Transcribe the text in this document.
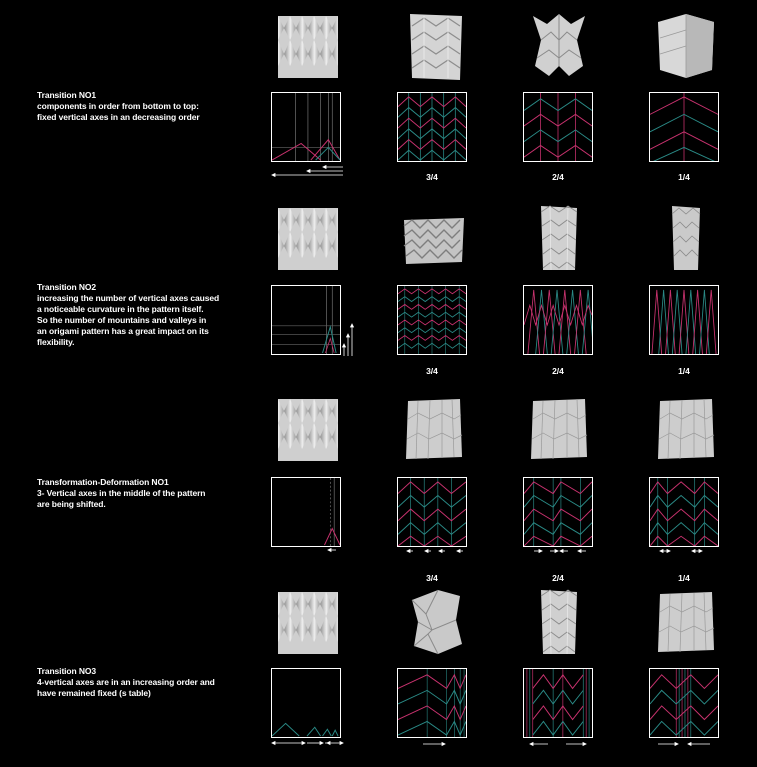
Transition NO1
components in order from bottom to top:
fixed vertical axes in an decreasing order
3/4	2/4	1/4
Transition NO2
increasing the number of vertical axes caused
a noticeable curvature in the pattern itself.
So the number of mountains and valleys in
an origami pattern has a great impact on its
flexibility.
3/4	2/4	1/4
Transformation-Deformation NO1
3- Vertical axes in the middle of the pattern
are being shifted.
3/4	2/4	1/4
Transition NO3
4-vertical axes are in an increasing order and
have remained fixed (s table)
